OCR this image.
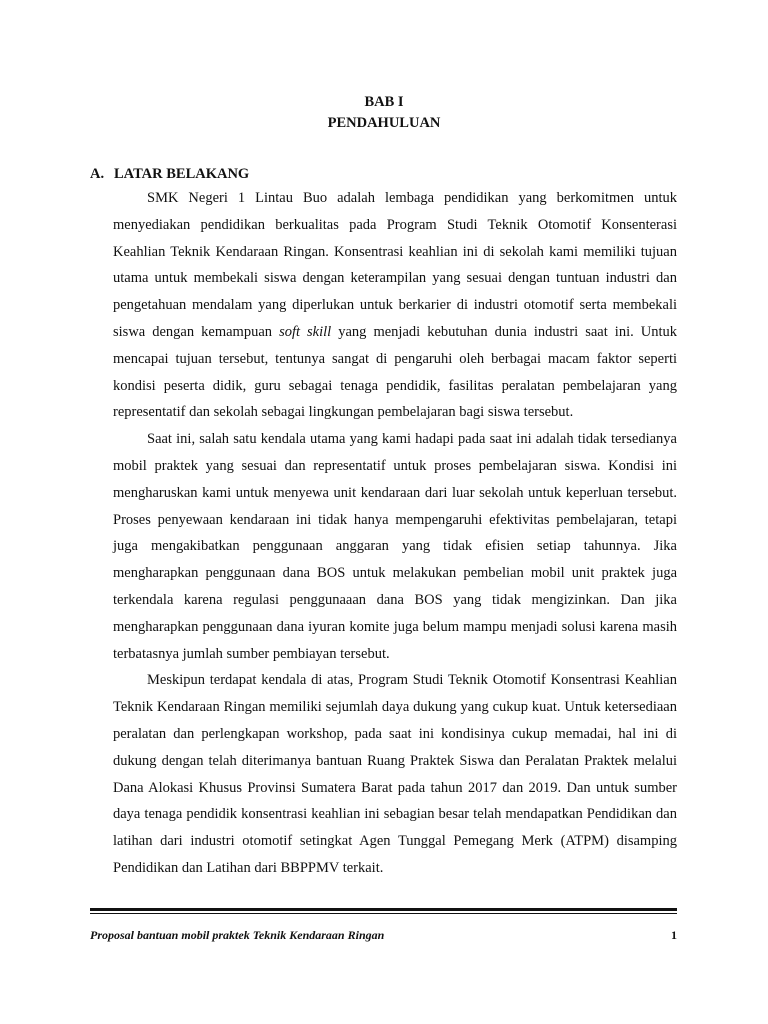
BAB I
PENDAHULUAN
A. LATAR BELAKANG

SMK Negeri 1 Lintau Buo adalah lembaga pendidikan yang berkomitmen untuk menyediakan pendidikan berkualitas pada Program Studi Teknik Otomotif Konsenterasi Keahlian Teknik Kendaraan Ringan. Konsentrasi keahlian ini di sekolah kami memiliki tujuan utama untuk membekali siswa dengan keterampilan yang sesuai dengan tuntuan industri dan pengetahuan mendalam yang diperlukan untuk berkarier di industri otomotif serta membekali siswa dengan kemampuan soft skill yang menjadi kebutuhan dunia industri saat ini. Untuk mencapai tujuan tersebut, tentunya sangat di pengaruhi oleh berbagai macam faktor seperti kondisi peserta didik, guru sebagai tenaga pendidik, fasilitas peralatan pembelajaran yang representatif dan sekolah sebagai lingkungan pembelajaran bagi siswa tersebut.

Saat ini, salah satu kendala utama yang kami hadapi pada saat ini adalah tidak tersedianya mobil praktek yang sesuai dan representatif untuk proses pembelajaran siswa. Kondisi ini mengharuskan kami untuk menyewa unit kendaraan dari luar sekolah untuk keperluan tersebut. Proses penyewaan kendaraan ini tidak hanya mempengaruhi efektivitas pembelajaran, tetapi juga mengakibatkan penggunaan anggaran yang tidak efisien setiap tahunnya. Jika mengharapkan penggunaan dana BOS untuk melakukan pembelian mobil unit praktek juga terkendala karena regulasi penggunaaan dana BOS yang tidak mengizinkan. Dan jika mengharapkan penggunaan dana iyuran komite juga belum mampu menjadi solusi karena masih terbatasnya jumlah sumber pembiayan tersebut.

Meskipun terdapat kendala di atas, Program Studi Teknik Otomotif Konsentrasi Keahlian Teknik Kendaraan Ringan memiliki sejumlah daya dukung yang cukup kuat. Untuk ketersediaan peralatan dan perlengkapan workshop, pada saat ini kondisinya cukup memadai, hal ini di dukung dengan telah diterimanya bantuan Ruang Praktek Siswa dan Peralatan Praktek melalui Dana Alokasi Khusus Provinsi Sumatera Barat pada tahun 2017 dan 2019. Dan untuk sumber daya tenaga pendidik konsentrasi keahlian ini sebagian besar telah mendapatkan Pendidikan dan latihan dari industri otomotif setingkat Agen Tunggal Pemegang Merk (ATPM) disamping Pendidikan dan Latihan dari BBPPMV terkait.

Proposal bantuan mobil praktek Teknik Kendaraan Ringan	1
